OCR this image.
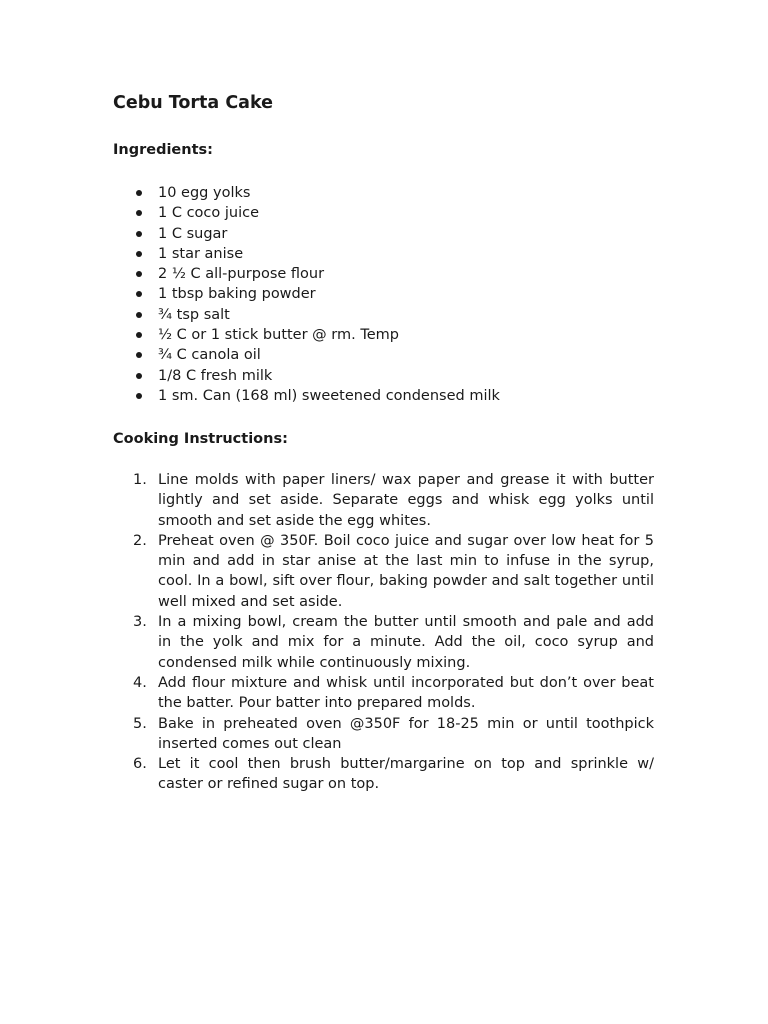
Cebu Torta Cake
Ingredients:
10 egg yolks
1 C coco juice
1 C sugar
1 star anise
2 ½ C all-purpose flour
1 tbsp baking powder
¾ tsp salt
½ C or 1 stick butter @ rm. Temp
¾ C canola oil
1/8 C fresh milk
1 sm. Can (168 ml) sweetened condensed milk
Cooking Instructions:
1. Line molds with paper liners/ wax paper and grease it with butter lightly and set aside. Separate eggs and whisk egg yolks until smooth and set aside the egg whites.
2. Preheat oven @ 350F. Boil coco juice and sugar over low heat for 5 min and add in star anise at the last min to infuse in the syrup, cool. In a bowl, sift over flour, baking powder and salt together until well mixed and set aside.
3. In a mixing bowl, cream the butter until smooth and pale and add in the yolk and mix for a minute. Add the oil, coco syrup and condensed milk while continuously mixing.
4. Add flour mixture and whisk until incorporated but don’t over beat the batter. Pour batter into prepared molds.
5. Bake in preheated oven @350F for 18-25 min or until toothpick inserted comes out clean
6. Let it cool then brush butter/margarine on top and sprinkle w/ caster or refined sugar on top.
